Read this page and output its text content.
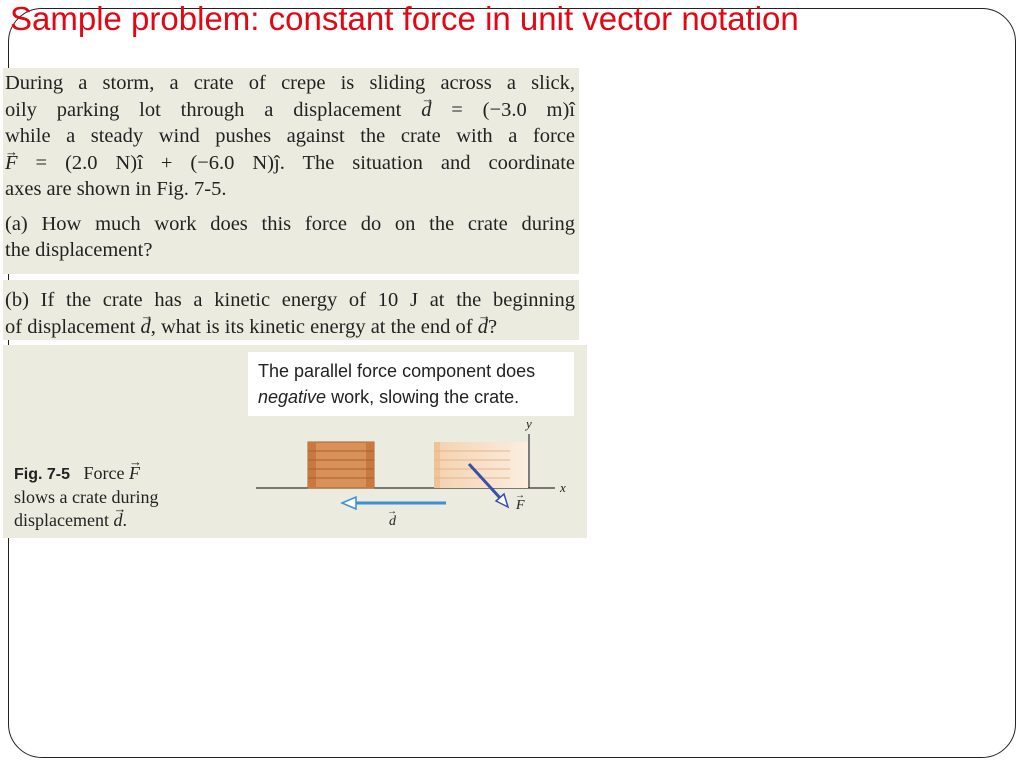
Sample problem: constant force in unit vector notation
During a storm, a crate of crepe is sliding across a slick,
oily parking lot through a displacement → d = (−3.0 m)î
while a steady wind pushes against the crate with a force
→ F = (2.0 N)î + (−6.0 N)ĵ. The situation and coordinate
axes are shown in Fig. 7-5.
(a) How much work does this force do on the crate during
the displacement?
(b) If the crate has a kinetic energy of 10 J at the beginning
of displacement → d, what is its kinetic energy at the end of → d?
The parallel force component does
negative work, slowing the crate.
Fig. 7-5 Force → F
slows a crate during
displacement → d.
y
x
d
→	F
→
